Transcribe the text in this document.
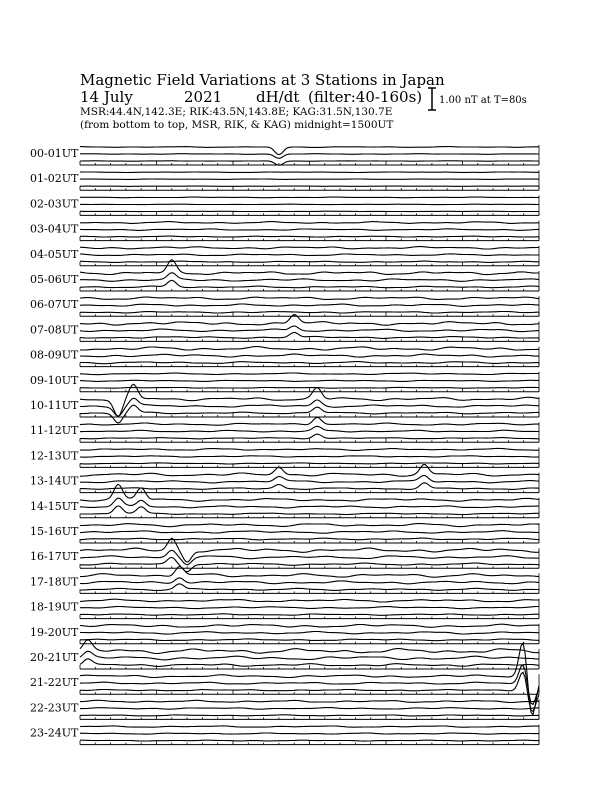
Magnetic Field Variations at 3 Stations in Japan
14 July	2021 dH/dt (filter:40-160s)
MSR:44.4N,142.3E; RIK:43.5N,143.8E; KAG:31.5N,130.7E
(from bottom to top, MSR, RIK, & KAG) midnight=1500UT
1.00 nT at T=80s
00-01UT
01-02UT
02-03UT
03-04UT
04-05UT
05-06UT
06-07UT
07-08UT
08-09UT
09-10UT
10-11UT
11-12UT
12-13UT
13-14UT
14-15UT
15-16UT
16-17UT
17-18UT
18-19UT
19-20UT
20-21UT
21-22UT
22-23UT
23-24UT
